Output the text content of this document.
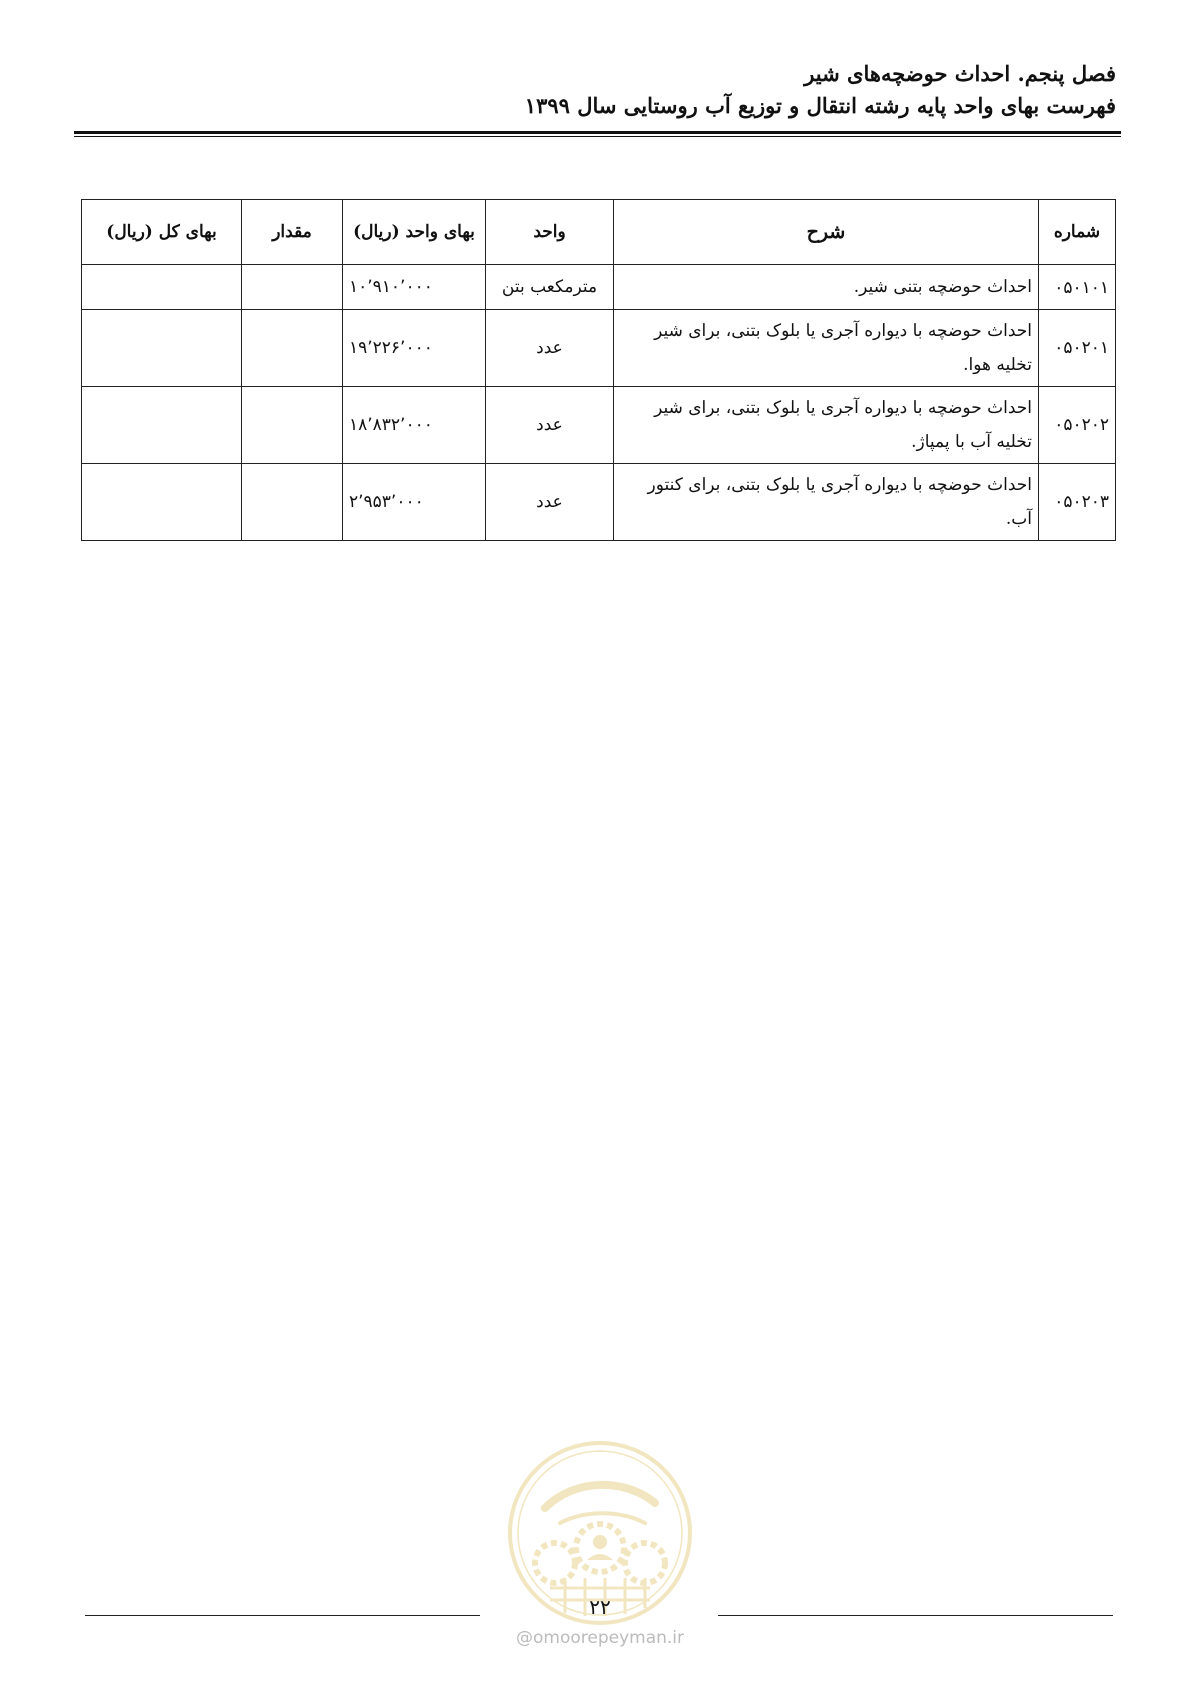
فصل پنجم. احداث حوضچه‌های شیر
فهرست بهای واحد پایه رشته انتقال و توزیع آب روستایی سال ۱۳۹۹
شماره	شرح	واحد	بهای واحد (ریال)	مقدار	بهای کل (ریال)
۰۵۰۱۰۱	احداث حوضچه بتنی شیر.	مترمکعب بتن	۱۰٬۹۱۰٬۰۰۰		
۰۵۰۲۰۱	احداث حوضچه با دیواره آجری یا بلوک بتنی، برای شیر تخلیه هوا.	عدد	۱۹٬۲۲۶٬۰۰۰		
۰۵۰۲۰۲	احداث حوضچه با دیواره آجری یا بلوک بتنی، برای شیر تخلیه آب با پمپاژ.	عدد	۱۸٬۸۳۲٬۰۰۰		
۰۵۰۲۰۳	احداث حوضچه با دیواره آجری یا بلوک بتنی، برای کنتور آب.	عدد	۲٬۹۵۳٬۰۰۰		
۲۲
@omoorepeyman.ir
